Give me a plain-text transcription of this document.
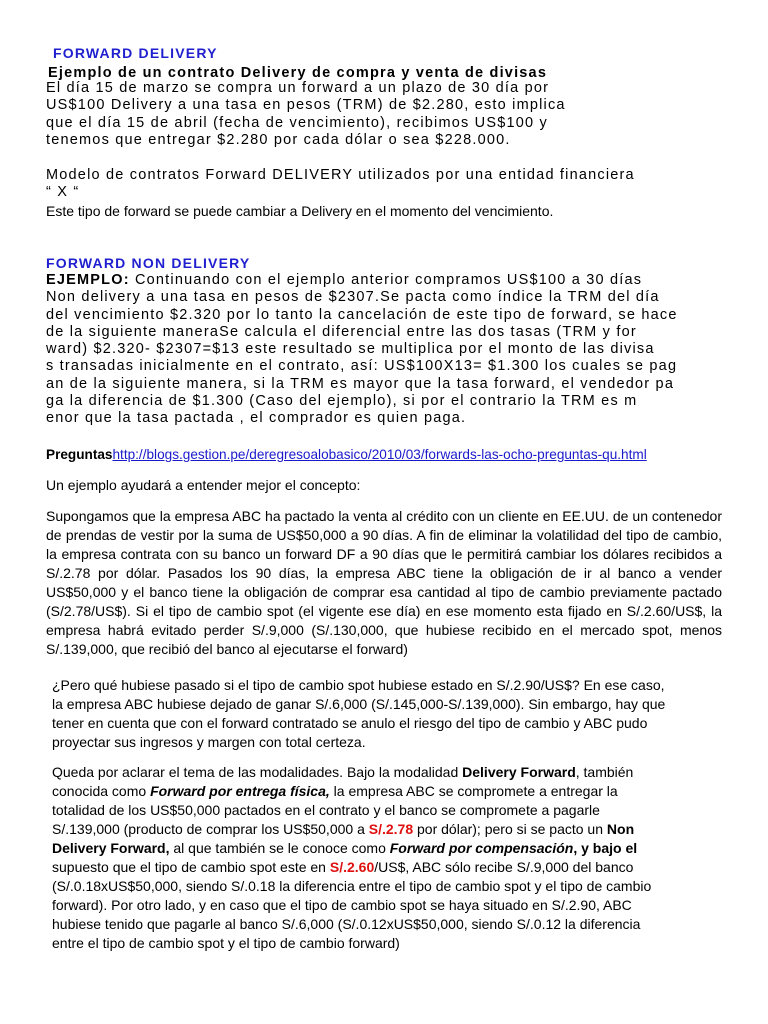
FORWARD DELIVERY
Ejemplo de un contrato Delivery de compra y venta de divisas
El día 15 de marzo se compra un forward a un plazo de 30 día por
US$100 Delivery a una tasa en pesos (TRM) de $2.280, esto implica
que el día 15 de abril (fecha de vencimiento), recibimos US$100 y
tenemos que entregar $2.280 por cada dólar o sea $228.000.
Modelo de contratos Forward DELIVERY utilizados por una entidad financiera
“ X “
Este tipo de forward se puede cambiar a Delivery en el momento del vencimiento.
FORWARD NON DELIVERY
EJEMPLO: Continuando con el ejemplo anterior compramos US$100 a 30 días
Non delivery a una tasa en pesos de $2307.Se pacta como índice la TRM del día
del vencimiento $2.320 por lo tanto la cancelación de este tipo de forward, se hace
de la siguiente maneraSe calcula el diferencial entre las dos tasas (TRM y for
ward) $2.320- $2307=$13 este resultado se multiplica por el monto de las divisa
s transadas inicialmente en el contrato, así: US$100X13= $1.300 los cuales se pag
an de la siguiente manera, si la TRM es mayor que la tasa forward, el vendedor pa
ga la diferencia de $1.300 (Caso del ejemplo), si por el contrario la TRM es m
enor que la tasa pactada , el comprador es quien paga.
Preguntashttp://blogs.gestion.pe/deregresoalobasico/2010/03/forwards-las-ocho-preguntas-qu.html
Un ejemplo ayudará a entender mejor el concepto:
Supongamos que la empresa ABC ha pactado la venta al crédito con un cliente en EE.UU. de un contenedor de prendas de vestir por la suma de US$50,000 a 90 días. A fin de eliminar la volatilidad del tipo de cambio, la empresa contrata con su banco un forward DF a 90 días que le permitirá cambiar los dólares recibidos a S/.2.78 por dólar. Pasados los 90 días, la empresa ABC tiene la obligación de ir al banco a vender US$50,000 y el banco tiene la obligación de comprar esa cantidad al tipo de cambio previamente pactado (S/2.78/US$). Si el tipo de cambio spot (el vigente ese día) en ese momento esta fijado en S/.2.60/US$, la empresa habrá evitado perder S/.9,000 (S/.130,000, que hubiese recibido en el mercado spot, menos S/.139,000, que recibió del banco al ejecutarse el forward)
¿Pero qué hubiese pasado si el tipo de cambio spot hubiese estado en S/.2.90/US$? En ese caso,
la empresa ABC hubiese dejado de ganar S/.6,000 (S/.145,000-S/.139,000). Sin embargo, hay que
tener en cuenta que con el forward contratado se anulo el riesgo del tipo de cambio y ABC pudo
proyectar sus ingresos y margen con total certeza.
Queda por aclarar el tema de las modalidades. Bajo la modalidad Delivery Forward, también
conocida como Forward por entrega física, la empresa ABC se compromete a entregar la
totalidad de los US$50,000 pactados en el contrato y el banco se compromete a pagarle
S/.139,000 (producto de comprar los US$50,000 a S/.2.78 por dólar); pero si se pacto un Non
Delivery Forward, al que también se le conoce como Forward por compensación, y bajo el
supuesto que el tipo de cambio spot este en S/.2.60/US$, ABC sólo recibe S/.9,000 del banco
(S/.0.18xUS$50,000, siendo S/.0.18 la diferencia entre el tipo de cambio spot y el tipo de cambio
forward). Por otro lado, y en caso que el tipo de cambio spot se haya situado en S/.2.90, ABC
hubiese tenido que pagarle al banco S/.6,000 (S/.0.12xUS$50,000, siendo S/.0.12 la diferencia
entre el tipo de cambio spot y el tipo de cambio forward)
